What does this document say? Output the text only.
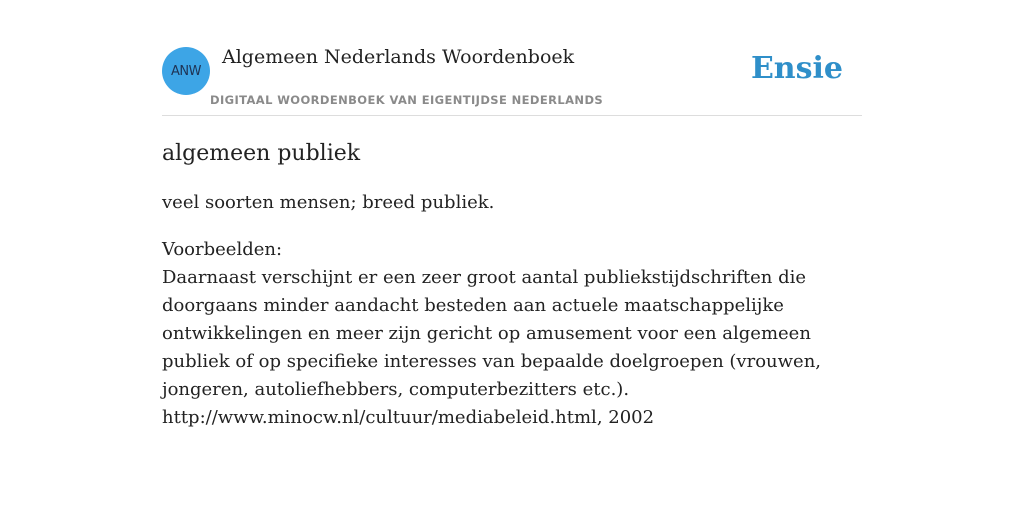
ANW
Algemeen Nederlands Woordenboek
DIGITAAL WOORDENBOEK VAN EIGENTIJDSE NEDERLANDS
Ensie
algemeen publiek

veel soorten mensen; breed publiek.

Voorbeelden:
Daarnaast verschijnt er een zeer groot aantal publiekstijdschriften die doorgaans minder aandacht besteden aan actuele maatschappelijke ontwikkelingen en meer zijn gericht op amusement voor een algemeen publiek of op specifieke interesses van bepaalde doelgroepen (vrouwen, jongeren, autoliefhebbers, computerbezitters etc.).
http://www.minocw.nl/cultuur/mediabeleid.html, 2002
